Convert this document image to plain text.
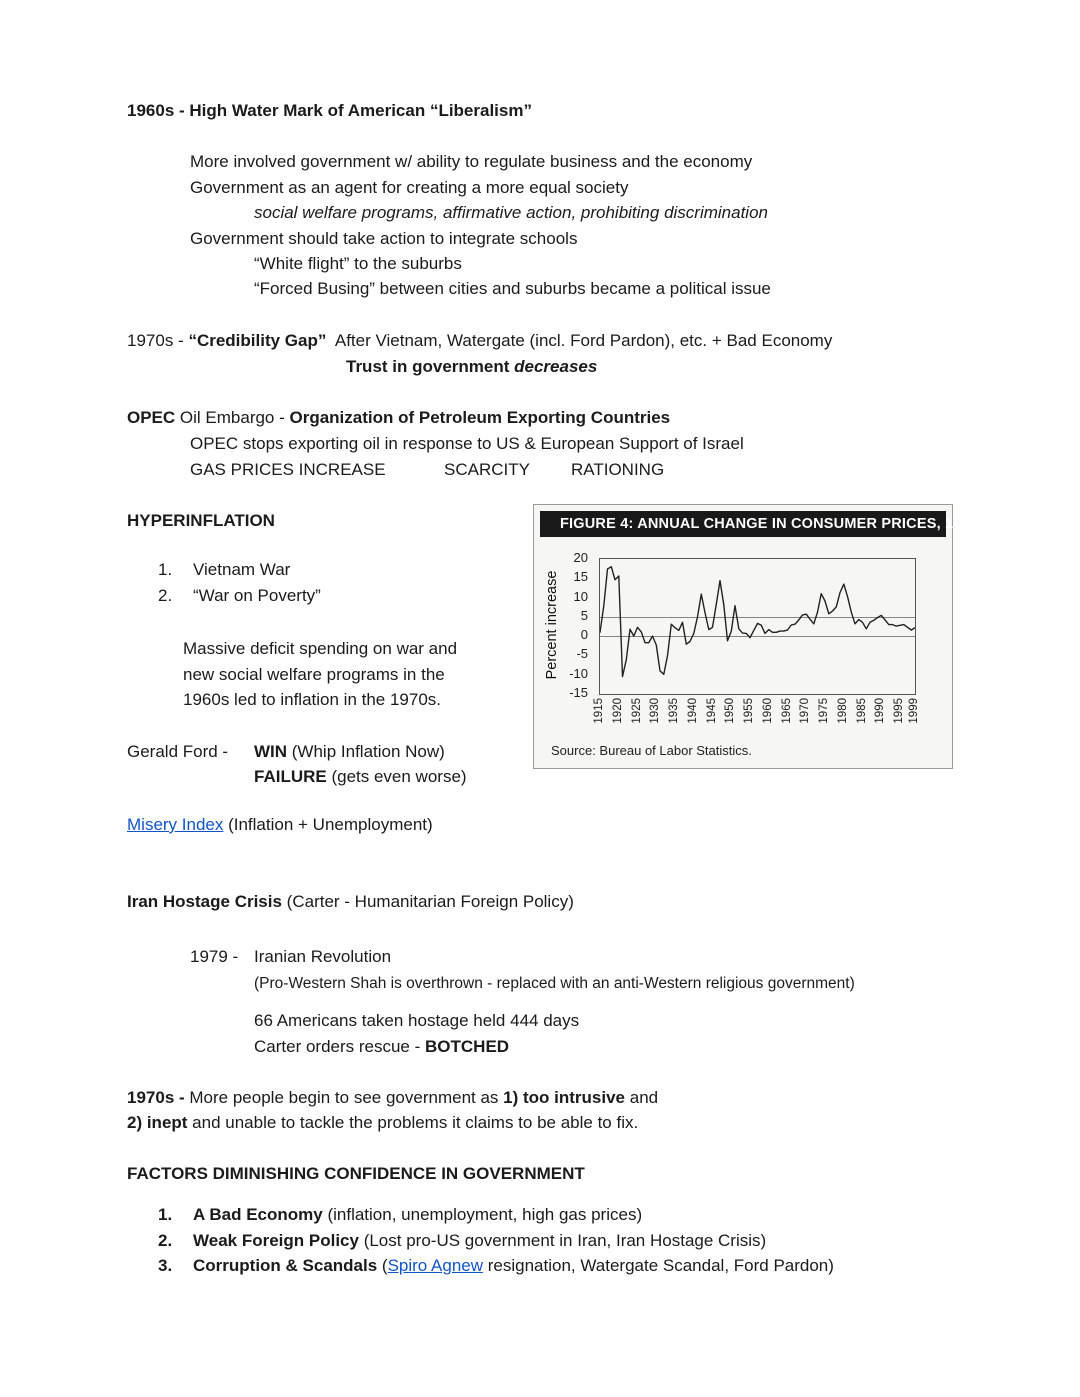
1960s - High Water Mark of American “Liberalism”
More involved government w/ ability to regulate business and the economy
Government as an agent for creating a more equal society
social welfare programs, affirmative action, prohibiting discrimination
Government should take action to integrate schools
“White flight” to the suburbs
“Forced Busing” between cities and suburbs became a political issue
1970s - “Credibility Gap”  After Vietnam, Watergate (incl. Ford Pardon), etc. + Bad Economy
Trust in government decreases
OPEC Oil Embargo - Organization of Petroleum Exporting Countries
OPEC stops exporting oil in response to US & European Support of Israel
GAS PRICES INCREASE	SCARCITY RATIONING
HYPERINFLATION
1. Vietnam War
2. “War on Poverty”
Massive deficit spending on war and
new social welfare programs in the
1960s led to inflation in the 1970s.
Gerald Ford - WIN (Whip Inflation Now)
FAILURE (gets even worse)
Misery Index (Inflation + Unemployment)
Iran Hostage Crisis (Carter - Humanitarian Foreign Policy)
1979 - Iranian Revolution
(Pro-Western Shah is overthrown - replaced with an anti-Western religious government)
66 Americans taken hostage held 444 days
Carter orders rescue - BOTCHED
1970s - More people begin to see government as 1) too intrusive and
2) inept and unable to tackle the problems it claims to be able to fix.
FACTORS DIMINISHING CONFIDENCE IN GOVERNMENT
1. A Bad Economy (inflation, unemployment, high gas prices)
2. Weak Foreign Policy (Lost pro-US government in Iran, Iran Hostage Crisis)
3. Corruption & Scandals (Spiro Agnew resignation, Watergate Scandal, Ford Pardon)
FIGURE 4: ANNUAL CHANGE IN CONSUMER PRICES, 1915-99
Percent increase
20
15
10
5
0
-5
-10
-15
1915 1920 1925 1930 1935 1940 1945 1950 1955 1960 1965 1970 1975 1980 1985 1990 1995 1999
Source: Bureau of Labor Statistics.
